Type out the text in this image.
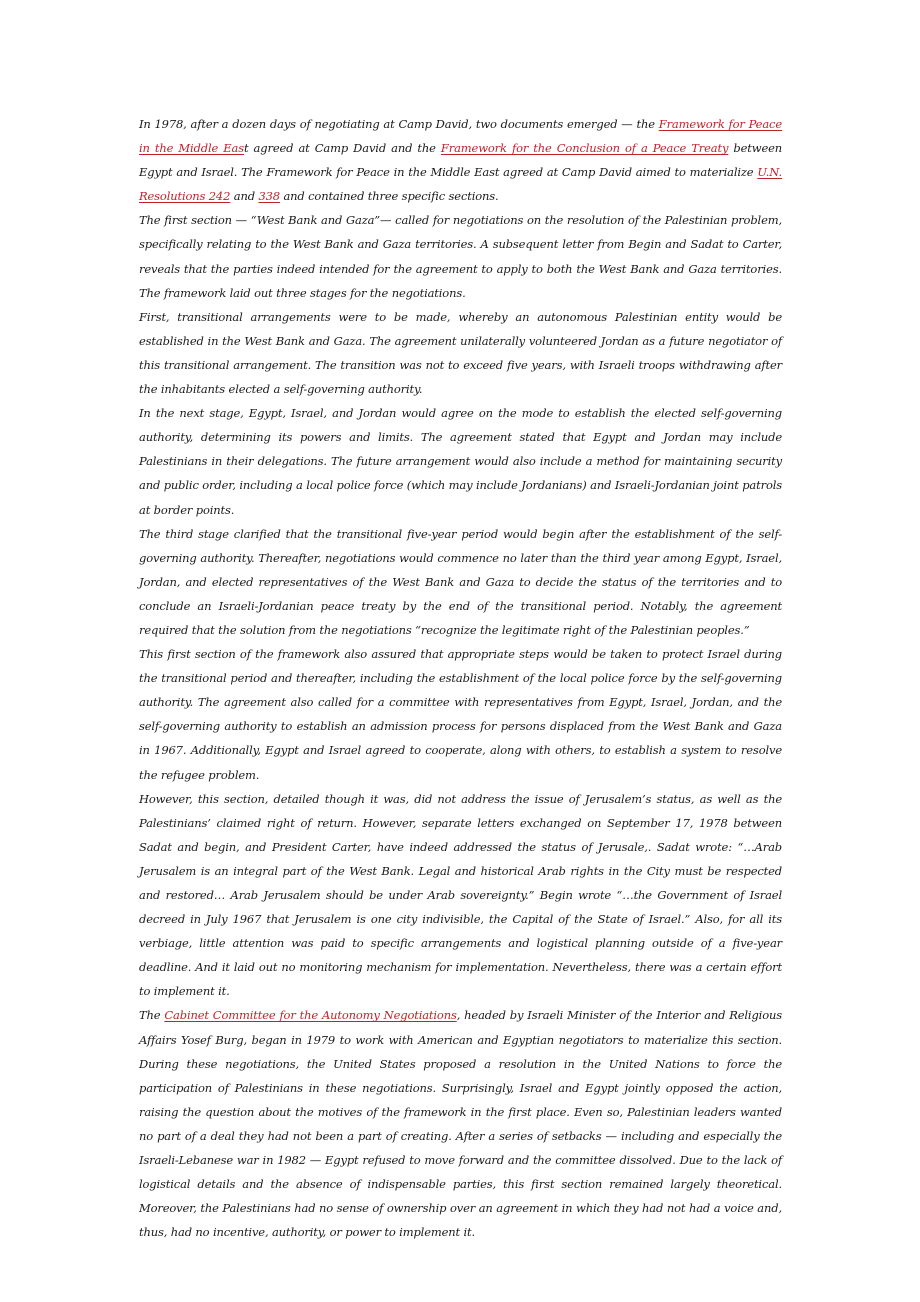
In 1978, after a dozen days of negotiating at Camp David, two documents emerged — the Framework for Peace in the Middle East agreed at Camp David and the Framework for the Conclusion of a Peace Treaty between Egypt and Israel. The Framework for Peace in the Middle East agreed at Camp David aimed to materialize U.N. Resolutions 242 and 338 and contained three specific sections.

The first section — “West Bank and Gaza”— called for negotiations on the resolution of the Palestinian problem, specifically relating to the West Bank and Gaza territories. A subsequent letter from Begin and Sadat to Carter, reveals that the parties indeed intended for the agreement to apply to both the West Bank and Gaza territories. The framework laid out three stages for the negotiations.

First, transitional arrangements were to be made, whereby an autonomous Palestinian entity would be established in the West Bank and Gaza. The agreement unilaterally volunteered Jordan as a future negotiator of this transitional arrangement. The transition was not to exceed five years, with Israeli troops withdrawing after the inhabitants elected a self-governing authority.

In the next stage, Egypt, Israel, and Jordan would agree on the mode to establish the elected self-governing authority, determining its powers and limits. The agreement stated that Egypt and Jordan may include Palestinians in their delegations. The future arrangement would also include a method for maintaining security and public order, including a local police force (which may include Jordanians) and Israeli-Jordanian joint patrols at border points.

The third stage clarified that the transitional five-year period would begin after the establishment of the self-governing authority. Thereafter, negotiations would commence no later than the third year among Egypt, Israel, Jordan, and elected representatives of the West Bank and Gaza to decide the status of the territories and to conclude an Israeli-Jordanian peace treaty by the end of the transitional period. Notably, the agreement required that the solution from the negotiations “recognize the legitimate right of the Palestinian peoples.”

This first section of the framework also assured that appropriate steps would be taken to protect Israel during the transitional period and thereafter, including the establishment of the local police force by the self-governing authority. The agreement also called for a committee with representatives from Egypt, Israel, Jordan, and the self-governing authority to establish an admission process for persons displaced from the West Bank and Gaza in 1967. Additionally, Egypt and Israel agreed to cooperate, along with others, to establish a system to resolve the refugee problem.

However, this section, detailed though it was, did not address the issue of Jerusalem’s status, as well as the Palestinians’ claimed right of return. However, separate letters exchanged on September 17, 1978 between Sadat and begin, and President Carter, have indeed addressed the status of Jerusale,. Sadat wrote: “…Arab Jerusalem is an integral part of the West Bank. Legal and historical Arab rights in the City must be respected and restored… Arab Jerusalem should be under Arab sovereignty.” Begin wrote “…the Government of Israel decreed in July 1967 that Jerusalem is one city indivisible, the Capital of the State of Israel.” Also, for all its verbiage, little attention was paid to specific arrangements and logistical planning outside of a five-year deadline. And it laid out no monitoring mechanism for implementation. Nevertheless, there was a certain effort to implement it.

The Cabinet Committee for the Autonomy Negotiations, headed by Israeli Minister of the Interior and Religious Affairs Yosef Burg, began in 1979 to work with American and Egyptian negotiators to materialize this section. During these negotiations, the United States proposed a resolution in the United Nations to force the participation of Palestinians in these negotiations. Surprisingly, Israel and Egypt jointly opposed the action, raising the question about the motives of the framework in the first place. Even so, Palestinian leaders wanted no part of a deal they had not been a part of creating. After a series of setbacks — including and especially the Israeli-Lebanese war in 1982 — Egypt refused to move forward and the committee dissolved. Due to the lack of logistical details and the absence of indispensable parties, this first section remained largely theoretical. Moreover, the Palestinians had no sense of ownership over an agreement in which they had not had a voice and, thus, had no incentive, authority, or power to implement it.
